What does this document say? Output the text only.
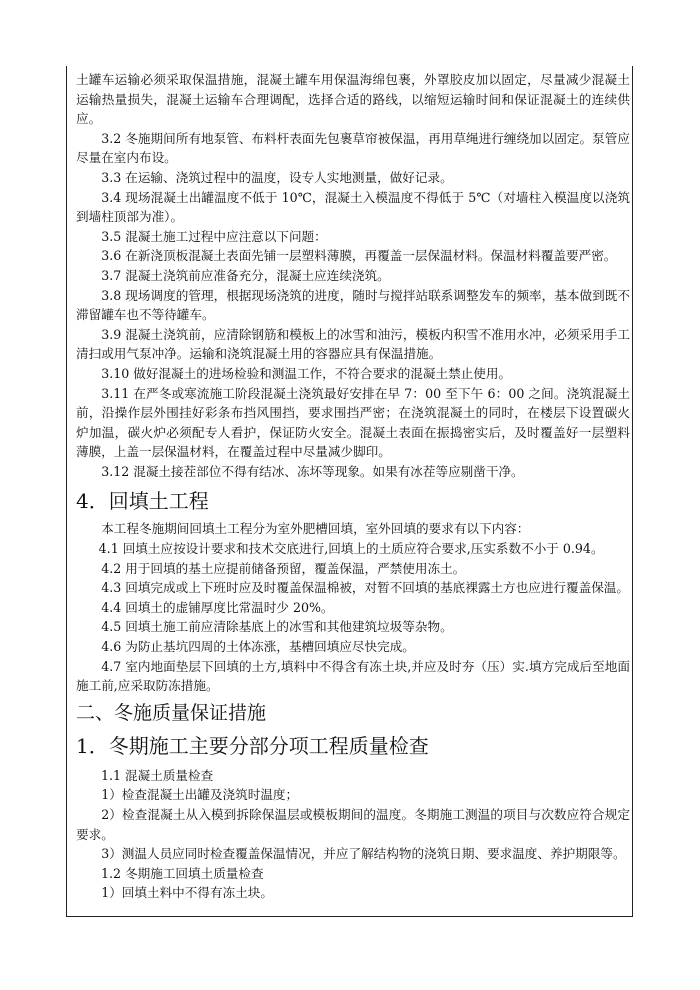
土罐车运输必须采取保温措施，混凝土罐车用保温海绵包裹，外罩胶皮加以固定，尽量减少混凝土运输热量损失，混凝土运输车合理调配，选择合适的路线，以缩短运输时间和保证混凝土的连续供应。

3.2 冬施期间所有地泵管、布料杆表面先包裹草帘被保温，再用草绳进行缠绕加以固定。泵管应尽量在室内布设。

3.3 在运输、浇筑过程中的温度，设专人实地测量，做好记录。

3.4 现场混凝土出罐温度不低于 10℃，混凝土入模温度不得低于 5℃（对墙柱入模温度以浇筑到墙柱顶部为准）。

3.5 混凝土施工过程中应注意以下问题：

3.6 在新浇顶板混凝土表面先铺一层塑料薄膜，再覆盖一层保温材料。保温材料覆盖要严密。

3.7 混凝土浇筑前应准备充分，混凝土应连续浇筑。

3.8 现场调度的管理，根据现场浇筑的进度，随时与搅拌站联系调整发车的频率，基本做到既不滞留罐车也不等待罐车。

3.9 混凝土浇筑前，应清除钢筋和模板上的冰雪和油污，模板内积雪不准用水冲，必须采用手工清扫或用气泵冲净。运输和浇筑混凝土用的容器应具有保温措施。

3.10 做好混凝土的进场检验和测温工作，不符合要求的混凝土禁止使用。

3.11 在严冬或寒流施工阶段混凝土浇筑最好安排在早 7：00 至下午 6：00 之间。浇筑混凝土前，沿操作层外围挂好彩条布挡风围挡，要求围挡严密；在浇筑混凝土的同时，在楼层下设置碳火炉加温，碳火炉必须配专人看护，保证防火安全。混凝土表面在振捣密实后，及时覆盖好一层塑料薄膜，上盖一层保温材料，在覆盖过程中尽量减少脚印。

3.12 混凝土接茬部位不得有结冰、冻坏等现象。如果有冰茬等应剔凿干净。

4．回填土工程

本工程冬施期间回填土工程分为室外肥槽回填，室外回填的要求有以下内容：

4.1 回填土应按设计要求和技术交底进行,回填上的土质应符合要求,压实系数不小于 0.94。

4.2 用于回填的基土应提前储备预留，覆盖保温，严禁使用冻土。

4.3 回填完成或上下班时应及时覆盖保温棉被，对暂不回填的基底裸露土方也应进行覆盖保温。

4.4 回填土的虚铺厚度比常温时少 20%。

4.5 回填土施工前应清除基底上的冰雪和其他建筑垃圾等杂物。

4.6 为防止基坑四周的土体冻涨，基槽回填应尽快完成。

4.7 室内地面垫层下回填的土方,填料中不得含有冻土块,并应及时夯（压）实.填方完成后至地面施工前,应采取防冻措施。

二、冬施质量保证措施

1．冬期施工主要分部分项工程质量检查

1.1 混凝土质量检查

1）检查混凝土出罐及浇筑时温度；

2）检查混凝土从入模到拆除保温层或模板期间的温度。冬期施工测温的项目与次数应符合规定要求。

3）测温人员应同时检查覆盖保温情况，并应了解结构物的浇筑日期、要求温度、养护期限等。

1.2 冬期施工回填土质量检查

1）回填土料中不得有冻土块。
